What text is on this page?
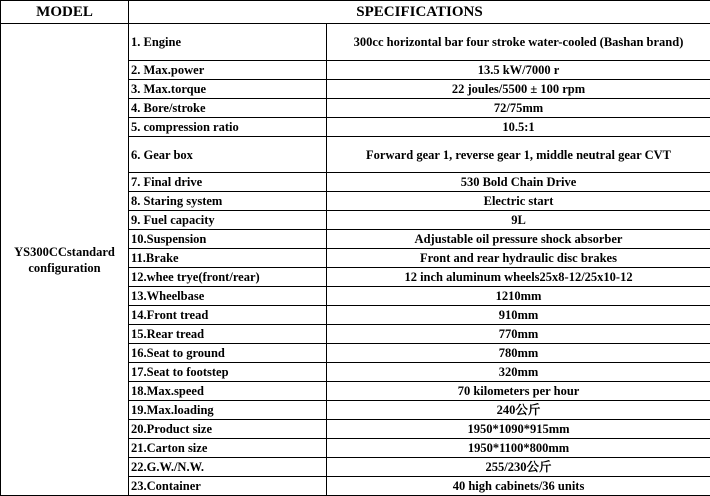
MODEL	SPECIFICATIONS	
YS300CCstandard configuration	1. Engine	300cc horizontal bar four stroke water-cooled (Bashan brand)
	2. Max.power	13.5 kW/7000 r
	3. Max.torque	22 joules/5500 ± 100 rpm
	4. Bore/stroke	72/75mm
	5. compression ratio	10.5:1
	6. Gear box	Forward gear 1, reverse gear 1, middle neutral gear CVT
	7. Final drive	530 Bold Chain Drive
	8. Staring system	Electric start
	9. Fuel capacity	9L
	10.Suspension	Adjustable oil pressure shock absorber
	11.Brake	Front and rear hydraulic disc brakes
	12.whee trye(front/rear)	12 inch aluminum wheels25x8-12/25x10-12
	13.Wheelbase	1210mm
	14.Front tread	910mm
	15.Rear tread	770mm
	16.Seat to ground	780mm
	17.Seat to footstep	320mm
	18.Max.speed	70 kilometers per hour
	19.Max.loading	240公斤
	20.Product size	1950*1090*915mm
	21.Carton size	1950*1100*800mm
	22.G.W./N.W.	255/230公斤
	23.Container	40 high cabinets/36 units
